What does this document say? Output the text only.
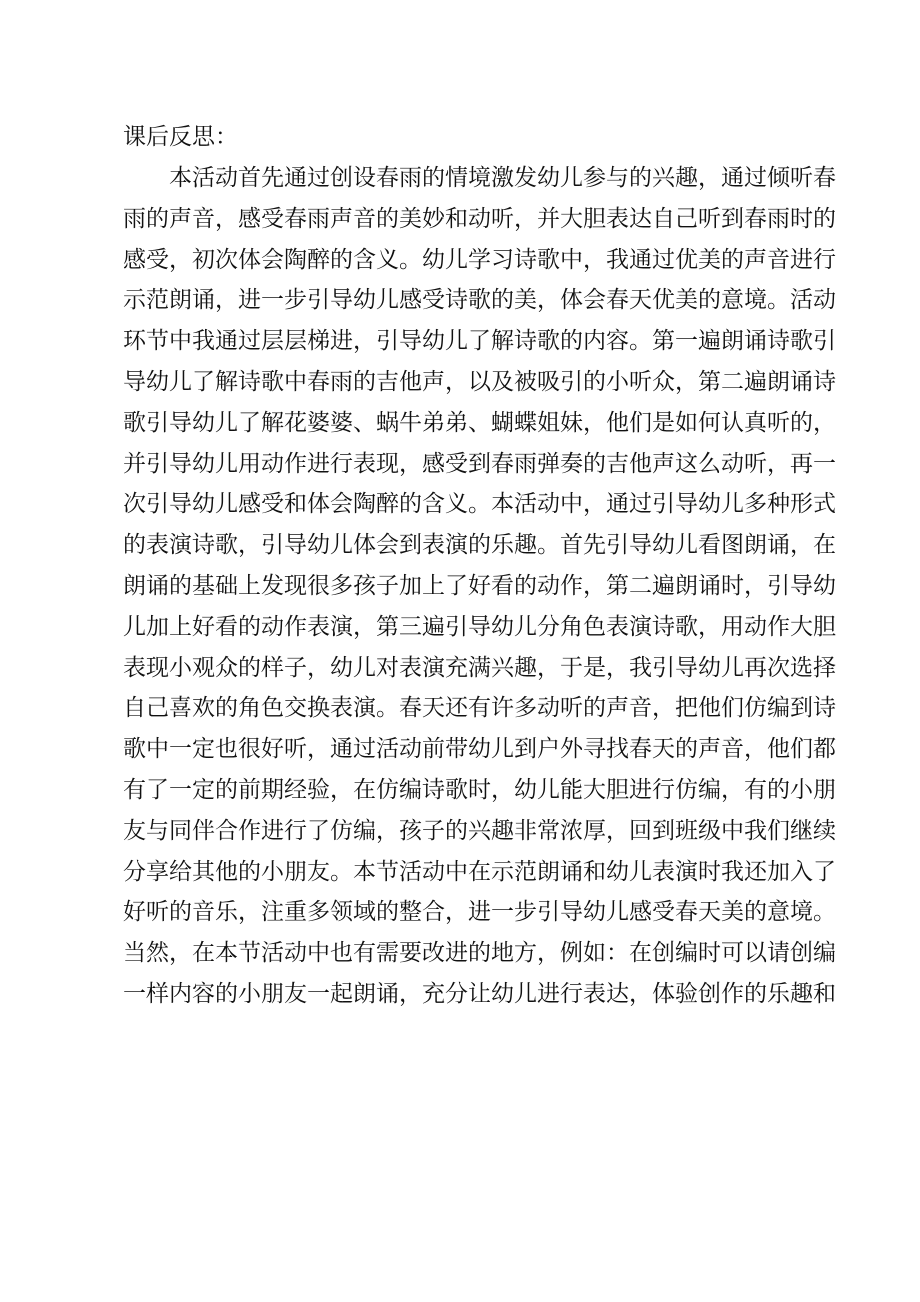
课后反思：
本活动首先通过创设春雨的情境激发幼儿参与的兴趣，通过倾听春
雨的声音，感受春雨声音的美妙和动听，并大胆表达自己听到春雨时的
感受，初次体会陶醉的含义。幼儿学习诗歌中，我通过优美的声音进行
示范朗诵，进一步引导幼儿感受诗歌的美，体会春天优美的意境。活动
环节中我通过层层梯进，引导幼儿了解诗歌的内容。第一遍朗诵诗歌引
导幼儿了解诗歌中春雨的吉他声，以及被吸引的小听众，第二遍朗诵诗
歌引导幼儿了解花婆婆、蜗牛弟弟、蝴蝶姐妹，他们是如何认真听的，
并引导幼儿用动作进行表现，感受到春雨弹奏的吉他声这么动听，再一
次引导幼儿感受和体会陶醉的含义。本活动中，通过引导幼儿多种形式
的表演诗歌，引导幼儿体会到表演的乐趣。首先引导幼儿看图朗诵，在
朗诵的基础上发现很多孩子加上了好看的动作，第二遍朗诵时，引导幼
儿加上好看的动作表演，第三遍引导幼儿分角色表演诗歌，用动作大胆
表现小观众的样子，幼儿对表演充满兴趣，于是，我引导幼儿再次选择
自己喜欢的角色交换表演。春天还有许多动听的声音，把他们仿编到诗
歌中一定也很好听，通过活动前带幼儿到户外寻找春天的声音，他们都
有了一定的前期经验，在仿编诗歌时，幼儿能大胆进行仿编，有的小朋
友与同伴合作进行了仿编，孩子的兴趣非常浓厚，回到班级中我们继续
分享给其他的小朋友。本节活动中在示范朗诵和幼儿表演时我还加入了
好听的音乐，注重多领域的整合，进一步引导幼儿感受春天美的意境。
当然，在本节活动中也有需要改进的地方，例如：在创编时可以请创编
一样内容的小朋友一起朗诵，充分让幼儿进行表达，体验创作的乐趣和
